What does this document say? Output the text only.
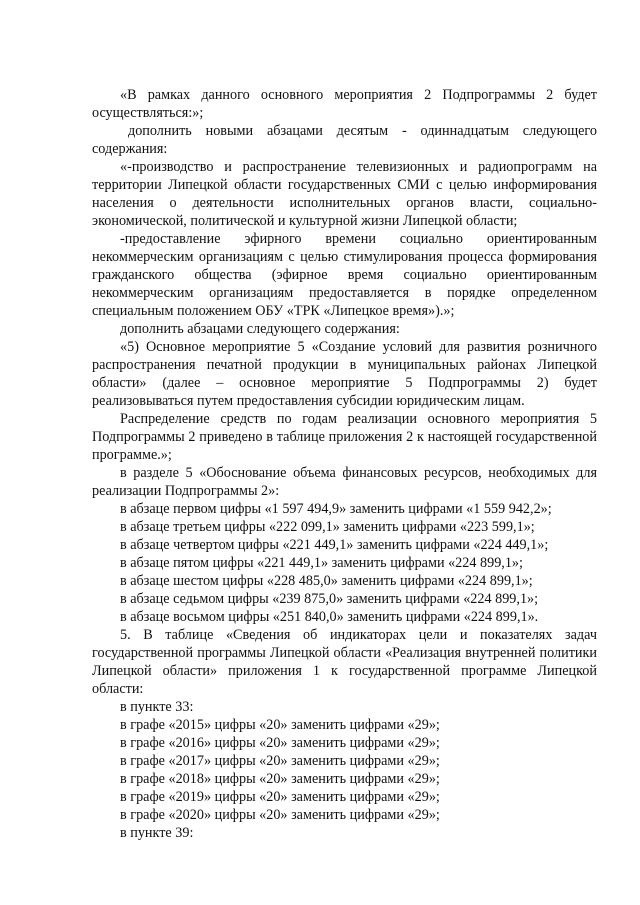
«В рамках данного основного мероприятия 2 Подпрограммы 2 будет осуществляться:»;

дополнить новыми абзацами десятым - одиннадцатым следующего содержания:

«-производство и распространение телевизионных и радиопрограмм на территории Липецкой области государственных СМИ с целью информирования населения о деятельности исполнительных органов власти, социально-экономической, политической и культурной жизни Липецкой области;

-предоставление эфирного времени социально ориентированным некоммерческим организациям с целью стимулирования процесса формирования гражданского общества (эфирное время социально ориентированным некоммерческим организациям предоставляется в порядке определенном специальным положением ОБУ «ТРК «Липецкое время»).»;

дополнить абзацами следующего содержания:

«5) Основное мероприятие 5 «Создание условий для развития розничного распространения печатной продукции в муниципальных районах Липецкой области» (далее – основное мероприятие 5 Подпрограммы 2) будет реализовываться путем предоставления субсидии юридическим лицам.

Распределение средств по годам реализации основного мероприятия 5 Подпрограммы 2 приведено в таблице приложения 2 к настоящей государственной программе.»;

в разделе 5 «Обоснование объема финансовых ресурсов, необходимых для реализации Подпрограммы 2»:

в абзаце первом цифры «1 597 494,9» заменить цифрами «1 559 942,2»;

в абзаце третьем цифры «222 099,1» заменить цифрами «223 599,1»;

в абзаце четвертом цифры «221 449,1» заменить цифрами «224 449,1»;

в абзаце пятом цифры «221 449,1» заменить цифрами «224 899,1»;

в абзаце шестом цифры «228 485,0» заменить цифрами «224 899,1»;

в абзаце седьмом цифры «239 875,0» заменить цифрами «224 899,1»;

в абзаце восьмом цифры «251 840,0» заменить цифрами «224 899,1».

5. В таблице «Сведения об индикаторах цели и показателях задач государственной программы Липецкой области «Реализация внутренней политики Липецкой области» приложения 1 к государственной программе Липецкой области:

в пункте 33:

в графе «2015» цифры «20» заменить цифрами «29»;

в графе «2016» цифры «20» заменить цифрами «29»;

в графе «2017» цифры «20» заменить цифрами «29»;

в графе «2018» цифры «20» заменить цифрами «29»;

в графе «2019» цифры «20» заменить цифрами «29»;

в графе «2020» цифры «20» заменить цифрами «29»;

в пункте 39:
